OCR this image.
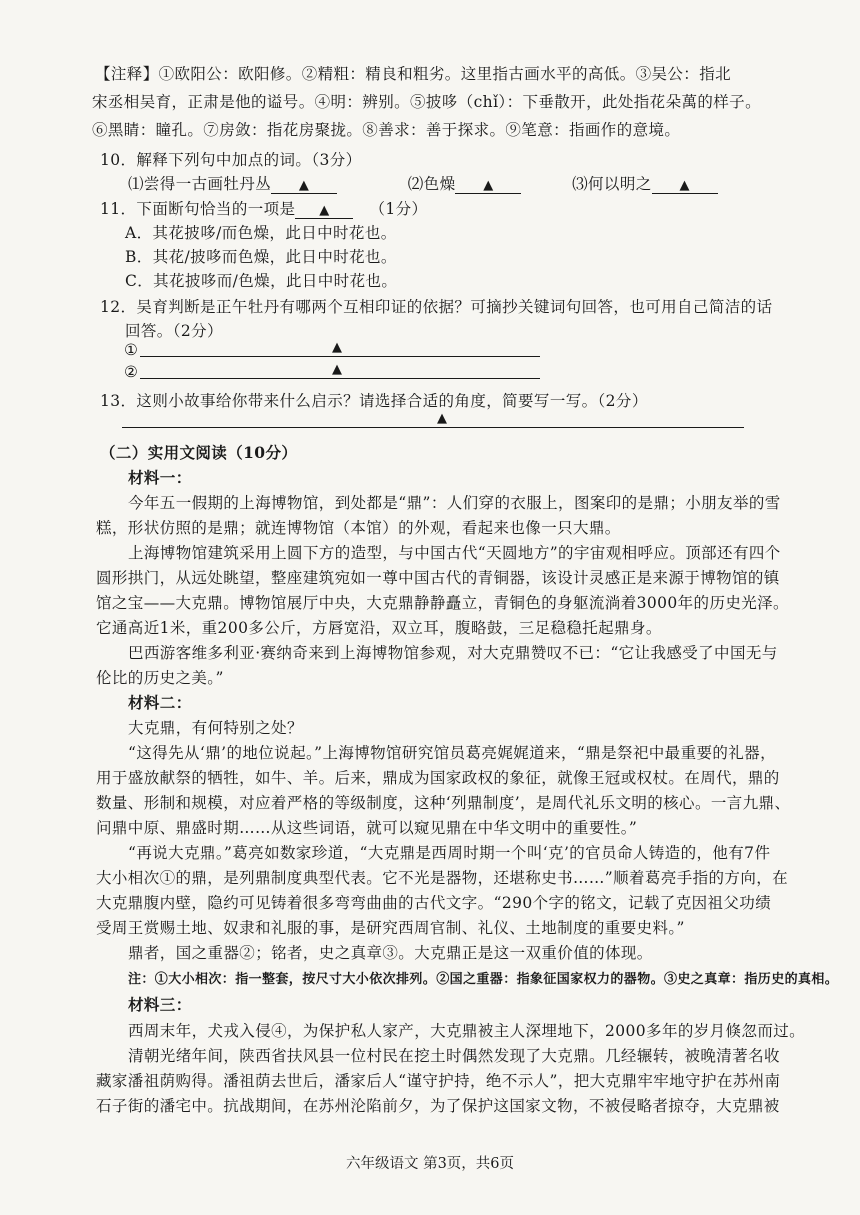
【注释】①欧阳公：欧阳修。②精粗：精良和粗劣。这里指古画水平的高低。③吴公：指北
宋丞相吴育，正肃是他的谥号。④明：辨别。⑤披哆（chǐ）：下垂散开，此处指花朵萬的样子。
⑥黑睛：瞳孔。⑦房敛：指花房聚拢。⑧善求：善于探求。⑨笔意：指画作的意境。
10．解释下列句中加点的词。（3分）
⑴尝得一古画牡丹丛 ▲	⑵色燥 ▲	⑶何以明之 ▲
11．下面断句恰当的一项是 ▲	（1分）
A．其花披哆/而色燥，此日中时花也。
B．其花/披哆而色燥，此日中时花也。
C．其花披哆而/色燥，此日中时花也。
12．吴育判断是正午牡丹有哪两个互相印证的依据？可摘抄关键词句回答，也可用自己简洁的话
回答。（2分）
①	▲
②	▲
13．这则小故事给你带来什么启示？请选择合适的角度，简要写一写。（2分）
▲
（二）实用文阅读（10分）
材料一：
今年五一假期的上海博物馆，到处都是“鼎”：人们穿的衣服上，图案印的是鼎；小朋友举的雪
糕，形状仿照的是鼎；就连博物馆（本馆）的外观，看起来也像一只大鼎。
上海博物馆建筑采用上圆下方的造型，与中国古代“天圆地方”的宇宙观相呼应。顶部还有四个
圆形拱门，从远处眺望，整座建筑宛如一尊中国古代的青铜器，该设计灵感正是来源于博物馆的镇
馆之宝——大克鼎。博物馆展厅中央，大克鼎静静矗立，青铜色的身躯流淌着3000年的历史光泽。
它通高近1米，重200多公斤，方唇宽沿，双立耳，腹略鼓，三足稳稳托起鼎身。
巴西游客维多利亚·赛纳奇来到上海博物馆参观，对大克鼎赞叹不已：“它让我感受了中国无与
伦比的历史之美。”
材料二：
大克鼎，有何特别之处？
“这得先从‘鼎’的地位说起。”上海博物馆研究馆员葛亮娓娓道来，“鼎是祭祀中最重要的礼器，
用于盛放献祭的牺牲，如牛、羊。后来，鼎成为国家政权的象征，就像王冠或权杖。在周代，鼎的
数量、形制和规模，对应着严格的等级制度，这种‘列鼎制度’，是周代礼乐文明的核心。一言九鼎、
问鼎中原、鼎盛时期……从这些词语，就可以窥见鼎在中华文明中的重要性。”
“再说大克鼎。”葛亮如数家珍道，“大克鼎是西周时期一个叫‘克’的官员命人铸造的，他有7件
大小相次①的鼎，是列鼎制度典型代表。它不光是器物，还堪称史书……”顺着葛亮手指的方向，在
大克鼎腹内壁，隐约可见铸着很多弯弯曲曲的古代文字。“290个字的铭文，记载了克因祖父功绩
受周王赏赐土地、奴隶和礼服的事，是研究西周官制、礼仪、土地制度的重要史料。”
鼎者，国之重器②；铭者，史之真章③。大克鼎正是这一双重价值的体现。
注：①大小相次：指一整套，按尺寸大小依次排列。②国之重器：指象征国家权力的器物。③史之真章：指历史的真相。
材料三：
西周末年，犬戎入侵④，为保护私人家产，大克鼎被主人深埋地下，2000多年的岁月倏忽而过。
清朝光绪年间，陕西省扶风县一位村民在挖土时偶然发现了大克鼎。几经辗转，被晚清著名收
藏家潘祖荫购得。潘祖荫去世后，潘家后人“谨守护持，绝不示人”，把大克鼎牢牢地守护在苏州南
石子街的潘宅中。抗战期间，在苏州沦陷前夕，为了保护这国家文物，不被侵略者掠夺，大克鼎被
六年级语文 第3页，共6页
